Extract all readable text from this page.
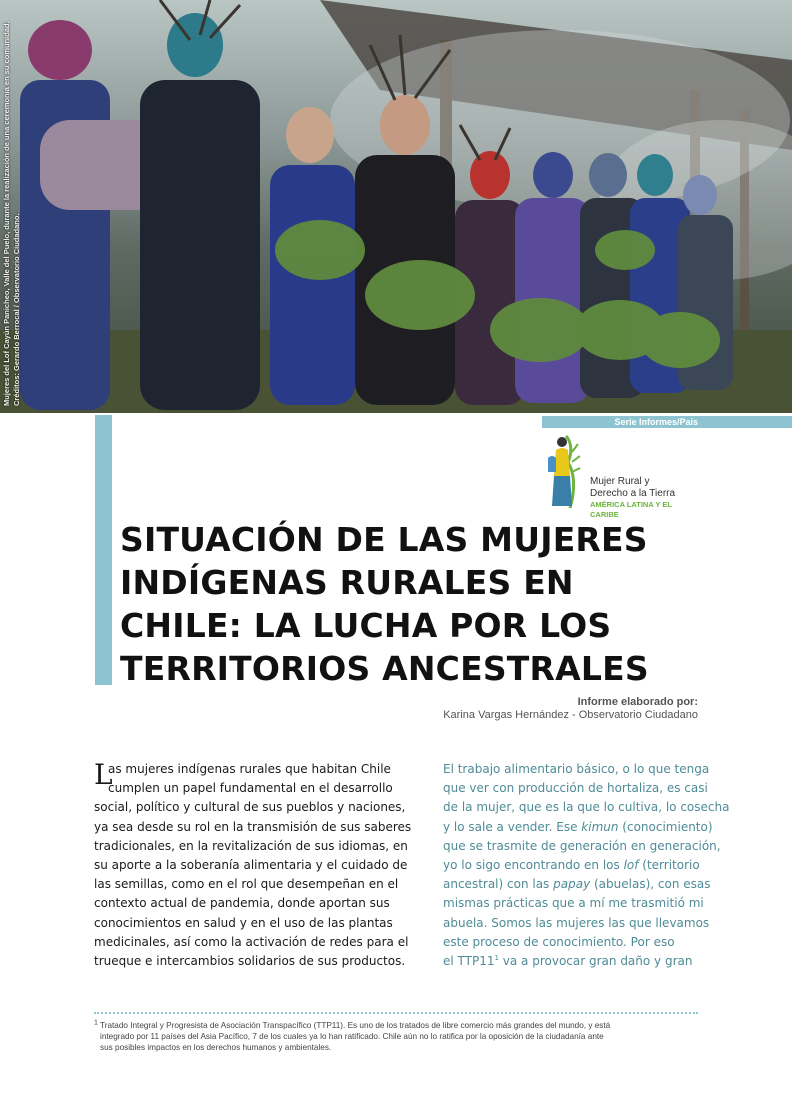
Mujeres del Lof Cayún Panicheo, Valle del Puelo, durante la realización de una ceremonia en su comunidad.
Créditos: Gerardo Berrocal / Observatorio Ciudadano.
Serie Informes/País
Mujer Rural y
Derecho a la Tierra
AMÉRICA LATINA Y EL CARIBE
SITUACIÓN DE LAS MUJERES
INDÍGENAS RURALES EN
CHILE: LA LUCHA POR LOS
TERRITORIOS ANCESTRALES
Informe elaborado por:
Karina Vargas Hernández - Observatorio Ciudadano
L
as mujeres indígenas rurales que habitan Chile
cumplen un papel fundamental en el desarrollo
social, político y cultural de sus pueblos y naciones,
ya sea desde su rol en la transmisión de sus saberes
tradicionales, en la revitalización de sus idiomas, en
su aporte a la soberanía alimentaria y el cuidado de
las semillas, como en el rol que desempeñan en el
contexto actual de pandemia, donde aportan sus
conocimientos en salud y en el uso de las plantas
medicinales, así como la activación de redes para el
trueque e intercambios solidarios de sus productos.
El trabajo alimentario básico, o lo que tenga
que ver con producción de hortaliza, es casi
de la mujer, que es la que lo cultiva, lo cosecha
y lo sale a vender. Ese kimun (conocimiento)
que se trasmite de generación en generación,
yo lo sigo encontrando en los lof (territorio
ancestral) con las papay (abuelas), con esas
mismas prácticas que a mí me trasmitió mi
abuela. Somos las mujeres las que llevamos
este proceso de conocimiento. Por eso
el $TTP11^1$ va a provocar gran daño y gran
$^1$ Tratado Integral y Progresista de Asociación Transpacífico (TTP11). Es uno de los tratados de libre comercio más grandes del mundo, y está
integrado por 11 países del Asia Pacífico, 7 de los cuales ya lo han ratificado. Chile aún no lo ratifica por la oposición de la ciudadanía ante
sus posibles impactos en los derechos humanos y ambientales.
